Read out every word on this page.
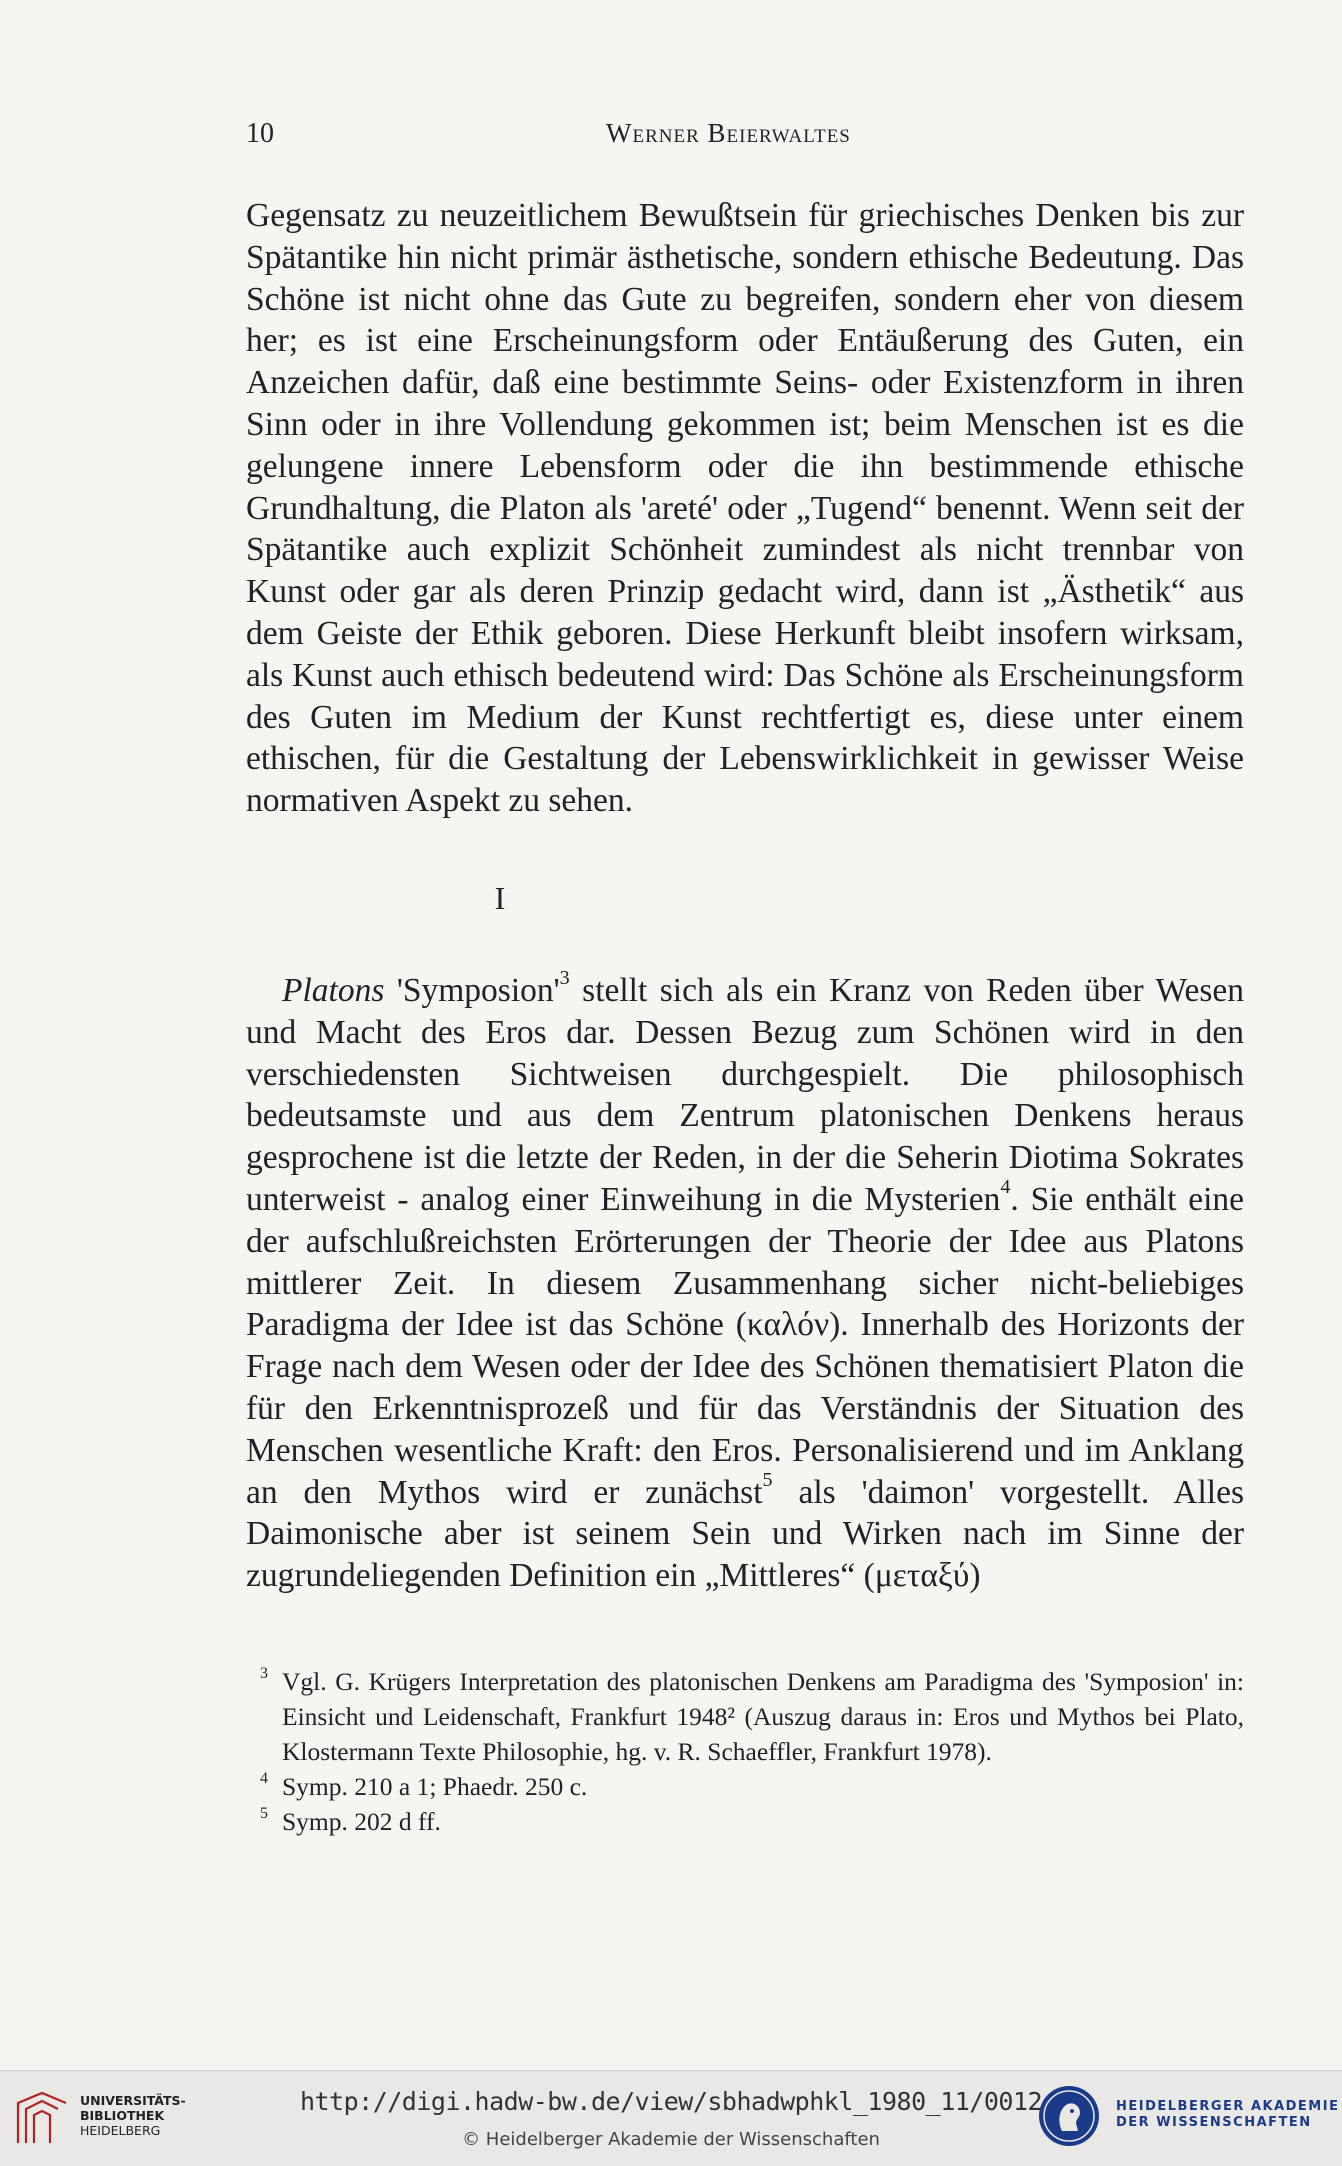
10	Werner Beierwaltes

Gegensatz zu neuzeitlichem Bewußtsein für griechisches Denken bis zur Spätantike hin nicht primär ästhetische, sondern ethische Bedeutung. Das Schöne ist nicht ohne das Gute zu begreifen, sondern eher von diesem her; es ist eine Erscheinungsform oder Entäußerung des Guten, ein Anzeichen dafür, daß eine bestimmte Seins- oder Existenzform in ihren Sinn oder in ihre Vollendung gekommen ist; beim Menschen ist es die gelungene innere Lebensform oder die ihn bestimmende ethische Grundhaltung, die Platon als 'areté' oder „Tugend“ benennt. Wenn seit der Spätantike auch explizit Schönheit zumindest als nicht trennbar von Kunst oder gar als deren Prinzip gedacht wird, dann ist „Ästhetik“ aus dem Geiste der Ethik geboren. Diese Herkunft bleibt insofern wirksam, als Kunst auch ethisch bedeutend wird: Das Schöne als Erscheinungsform des Guten im Medium der Kunst rechtfertigt es, diese unter einem ethischen, für die Gestaltung der Lebenswirklichkeit in gewisser Weise normativen Aspekt zu sehen.

I

Platons '$Symposion'^3$ stellt sich als ein Kranz von Reden über Wesen und Macht des Eros dar. Dessen Bezug zum Schönen wird in den verschiedensten Sichtweisen durchgespielt. Die philosophisch bedeutsamste und aus dem Zentrum platonischen Denkens heraus gesprochene ist die letzte der Reden, in der die Seherin Diotima Sokrates unterweist - analog einer Einweihung in die Mysterien$^4$. Sie enthält eine der aufschlußreichsten Erörterungen der Theorie der Idee aus Platons mittlerer Zeit. In diesem Zusammenhang sicher nicht-beliebiges Paradigma der Idee ist das Schöne (καλόν). Innerhalb des Horizonts der Frage nach dem Wesen oder der Idee des Schönen thematisiert Platon die für den Erkenntnisprozeß und für das Verständnis der Situation des Menschen wesentliche Kraft: den Eros. Personalisierend und im Anklang an den Mythos wird er zunächst$^5$ als 'daimon' vorgestellt. Alles Daimonische aber ist seinem Sein und Wirken nach im Sinne der zugrundeliegenden Definition ein „Mittleres“ (μεταξύ)

3 Vgl. G. Krügers Interpretation des platonischen Denkens am Paradigma des 'Symposion' in: Einsicht und Leidenschaft, Frankfurt 1948² (Auszug daraus in: Eros und Mythos bei Plato, Klostermann Texte Philosophie, hg. v. R. Schaeffler, Frankfurt 1978).
4 Symp. 210 a 1; Phaedr. 250 c.
5 Symp. 202 d ff.
UNIVERSITÄTS-
BIBLIOTHEK
HEIDELBERG
http://digi.hadw-bw.de/view/sbhadwphkl_1980_11/0012
© Heidelberger Akademie der Wissenschaften
HEIDELBERGER AKADEMIE
DER WISSENSCHAFTEN
